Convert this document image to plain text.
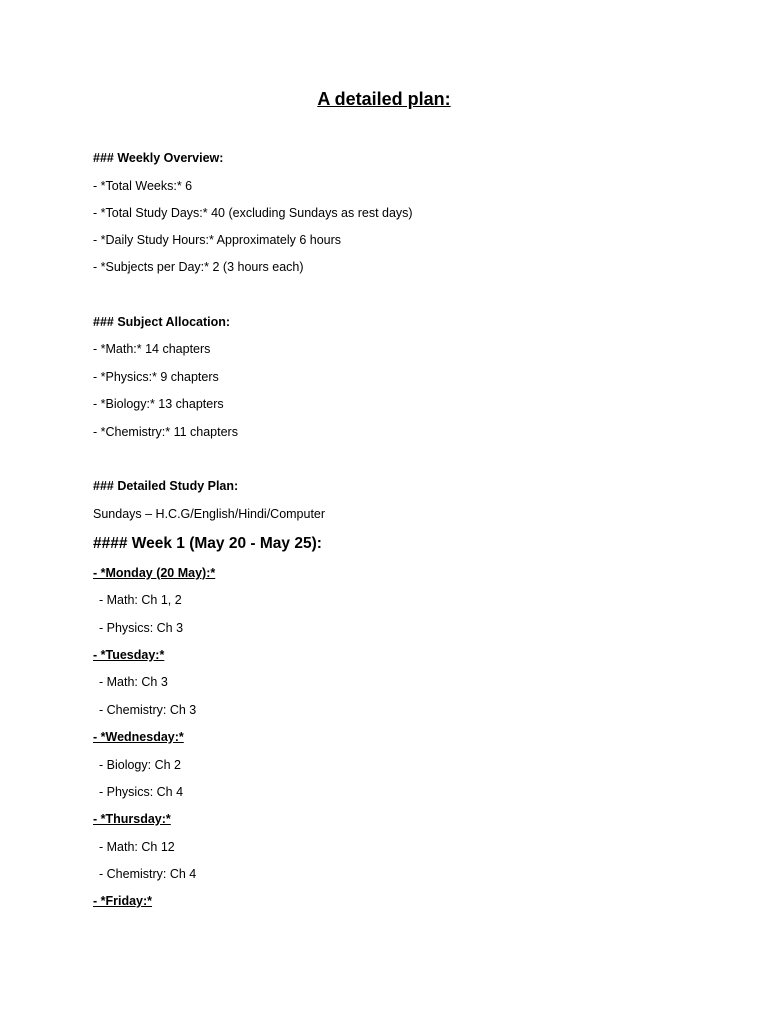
A detailed plan:
### Weekly Overview:
- *Total Weeks:* 6
- *Total Study Days:* 40 (excluding Sundays as rest days)
- *Daily Study Hours:* Approximately 6 hours
- *Subjects per Day:* 2 (3 hours each)
### Subject Allocation:
- *Math:* 14 chapters
- *Physics:* 9 chapters
- *Biology:* 13 chapters
- *Chemistry:* 11 chapters
### Detailed Study Plan:
Sundays – H.C.G/English/Hindi/Computer
#### Week 1 (May 20 - May 25):
- *Monday (20 May):*
- Math: Ch 1, 2
- Physics: Ch 3
- *Tuesday:*
- Math: Ch 3
- Chemistry: Ch 3
- *Wednesday:*
- Biology: Ch 2
- Physics: Ch 4
- *Thursday:*
- Math: Ch 12
- Chemistry: Ch 4
- *Friday:*
